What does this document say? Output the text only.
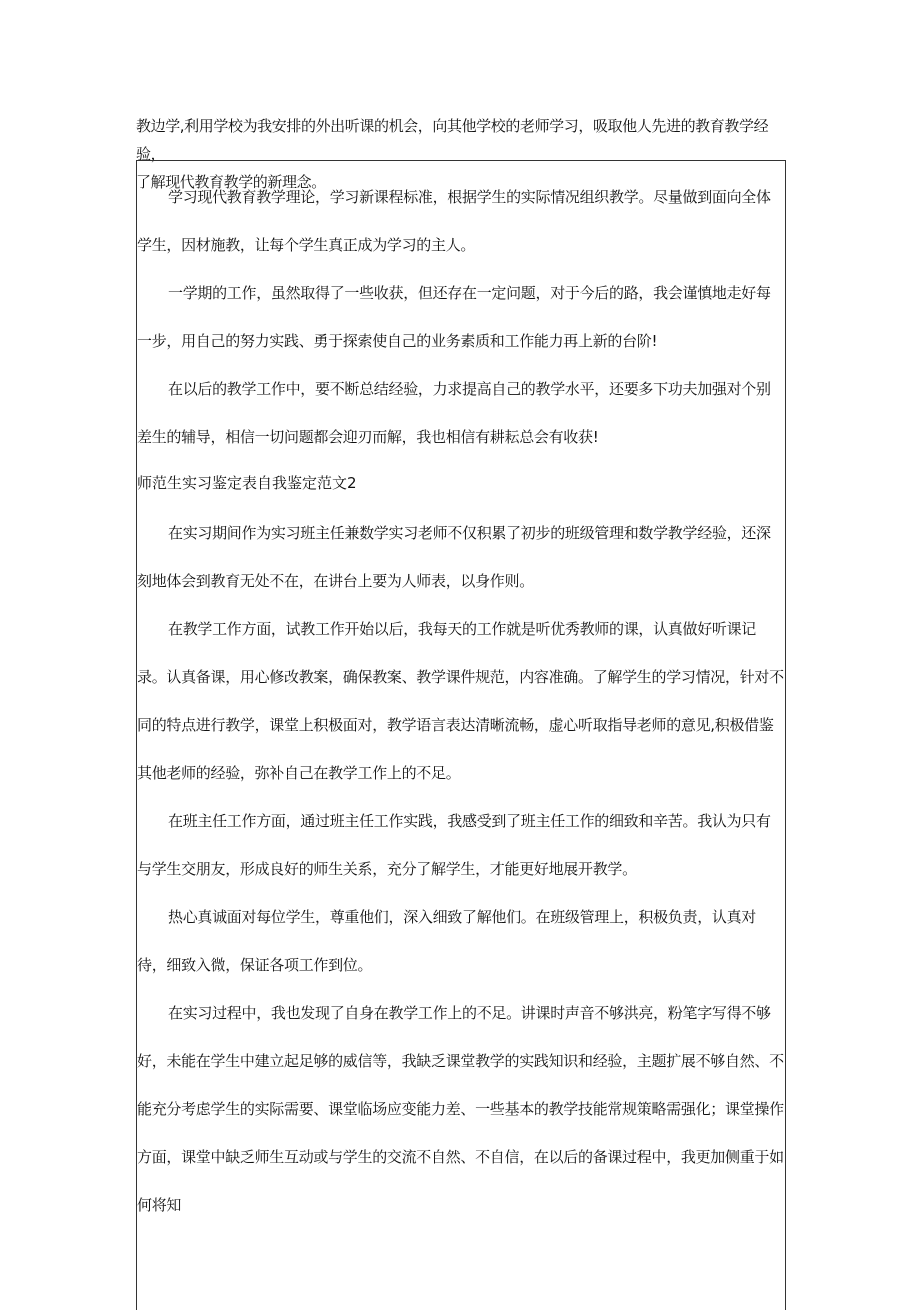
教边学,利用学校为我安排的外出听课的机会，向其他学校的老师学习，吸取他人先进的教育教学经验，

了解现代教育教学的新理念。

学习现代教育教学理论，学习新课程标准，根据学生的实际情况组织教学。尽量做到面向全体学生，因材施教，让每个学生真正成为学习的主人。

一学期的工作，虽然取得了一些收获，但还存在一定问题，对于今后的路，我会谨慎地走好每一步，用自己的努力实践、勇于探索使自己的业务素质和工作能力再上新的台阶!

在以后的教学工作中，要不断总结经验，力求提高自己的教学水平，还要多下功夫加强对个别差生的辅导，相信一切问题都会迎刃而解，我也相信有耕耘总会有收获!

师范生实习鉴定表自我鉴定范文2

在实习期间作为实习班主任兼数学实习老师不仅积累了初步的班级管理和数学教学经验，还深刻地体会到教育无处不在，在讲台上要为人师表，以身作则。

在教学工作方面，试教工作开始以后，我每天的工作就是听优秀教师的课，认真做好听课记录。认真备课，用心修改教案，确保教案、教学课件规范，内容准确。了解学生的学习情况，针对不同的特点进行教学，课堂上积极面对，教学语言表达清晰流畅，虚心听取指导老师的意见,积极借鉴其他老师的经验，弥补自己在教学工作上的不足。

在班主任工作方面，通过班主任工作实践，我感受到了班主任工作的细致和辛苦。我认为只有与学生交朋友，形成良好的师生关系，充分了解学生，才能更好地展开教学。

热心真诚面对每位学生，尊重他们，深入细致了解他们。在班级管理上，积极负责，认真对待，细致入微，保证各项工作到位。

在实习过程中，我也发现了自身在教学工作上的不足。讲课时声音不够洪亮，粉笔字写得不够好，未能在学生中建立起足够的威信等，我缺乏课堂教学的实践知识和经验，主题扩展不够自然、不能充分考虑学生的实际需要、课堂临场应变能力差、一些基本的教学技能常规策略需强化；课堂操作方面，课堂中缺乏师生互动或与学生的交流不自然、不自信，在以后的备课过程中，我更加侧重于如何将知
